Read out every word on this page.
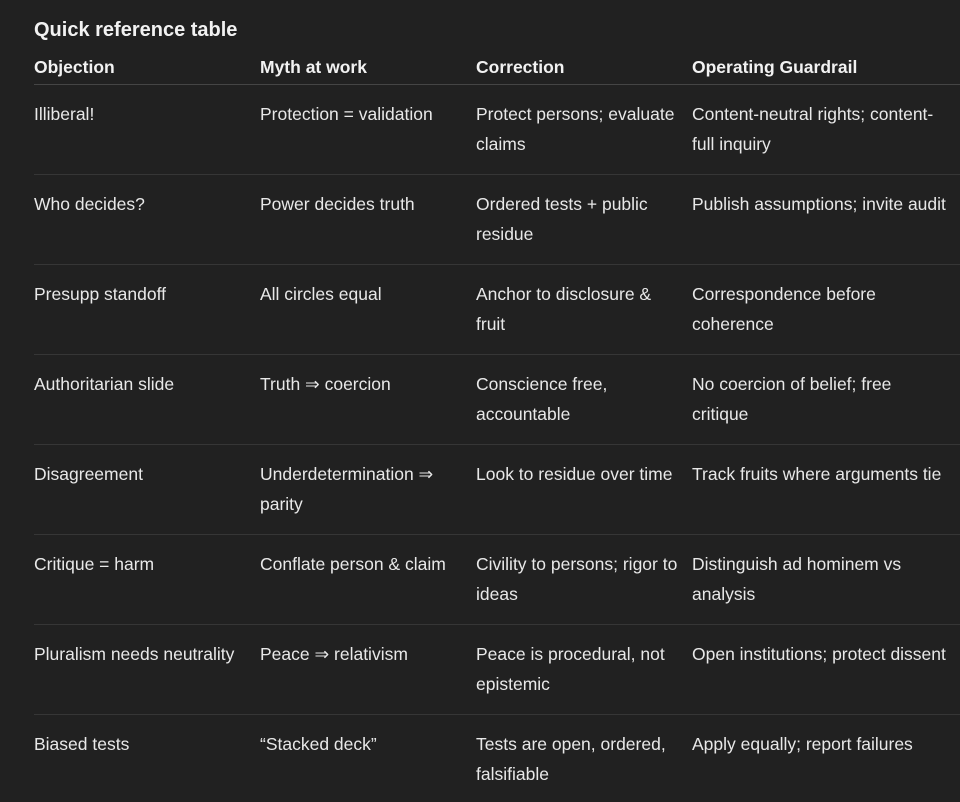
Quick reference table
Objection	Myth at work	Correction	Operating Guardrail
Illiberal!	Protection = validation	Protect persons; evaluate claims	Content-neutral rights; content-full inquiry
Who decides?	Power decides truth	Ordered tests + public residue	Publish assumptions; invite audit
Presupp standoff	All circles equal	Anchor to disclosure & fruit	Correspondence before coherence
Authoritarian slide	Truth ⇒ coercion	Conscience free, accountable	No coercion of belief; free critique
Disagreement	Underdetermination ⇒ parity	Look to residue over time	Track fruits where arguments tie
Critique = harm	Conflate person & claim	Civility to persons; rigor to ideas	Distinguish ad hominem vs analysis
Pluralism needs neutrality	Peace ⇒ relativism	Peace is procedural, not epistemic	Open institutions; protect dissent
Biased tests	“Stacked deck”	Tests are open, ordered, falsifiable	Apply equally; report failures
